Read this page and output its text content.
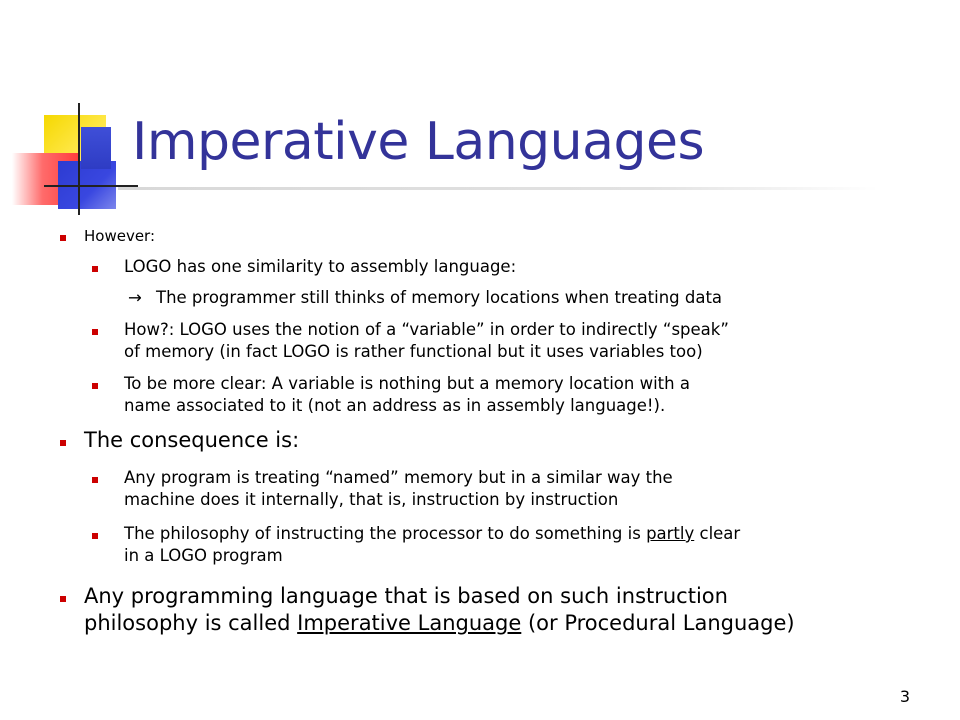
Imperative Languages
However:
LOGO has one similarity to assembly language:
→ The programmer still thinks of memory locations when treating data
How?: LOGO uses the notion of a “variable” in order to indirectly “speak”
of memory (in fact LOGO is rather functional but it uses variables too)
To be more clear: A variable is nothing but a memory location with a
name associated to it (not an address as in assembly language!).
The consequence is:
Any program is treating “named” memory but in a similar way the
machine does it internally, that is, instruction by instruction
The philosophy of instructing the processor to do something is partly clear
in a LOGO program
Any programming language that is based on such instruction
philosophy is called Imperative Language (or Procedural Language)
3
